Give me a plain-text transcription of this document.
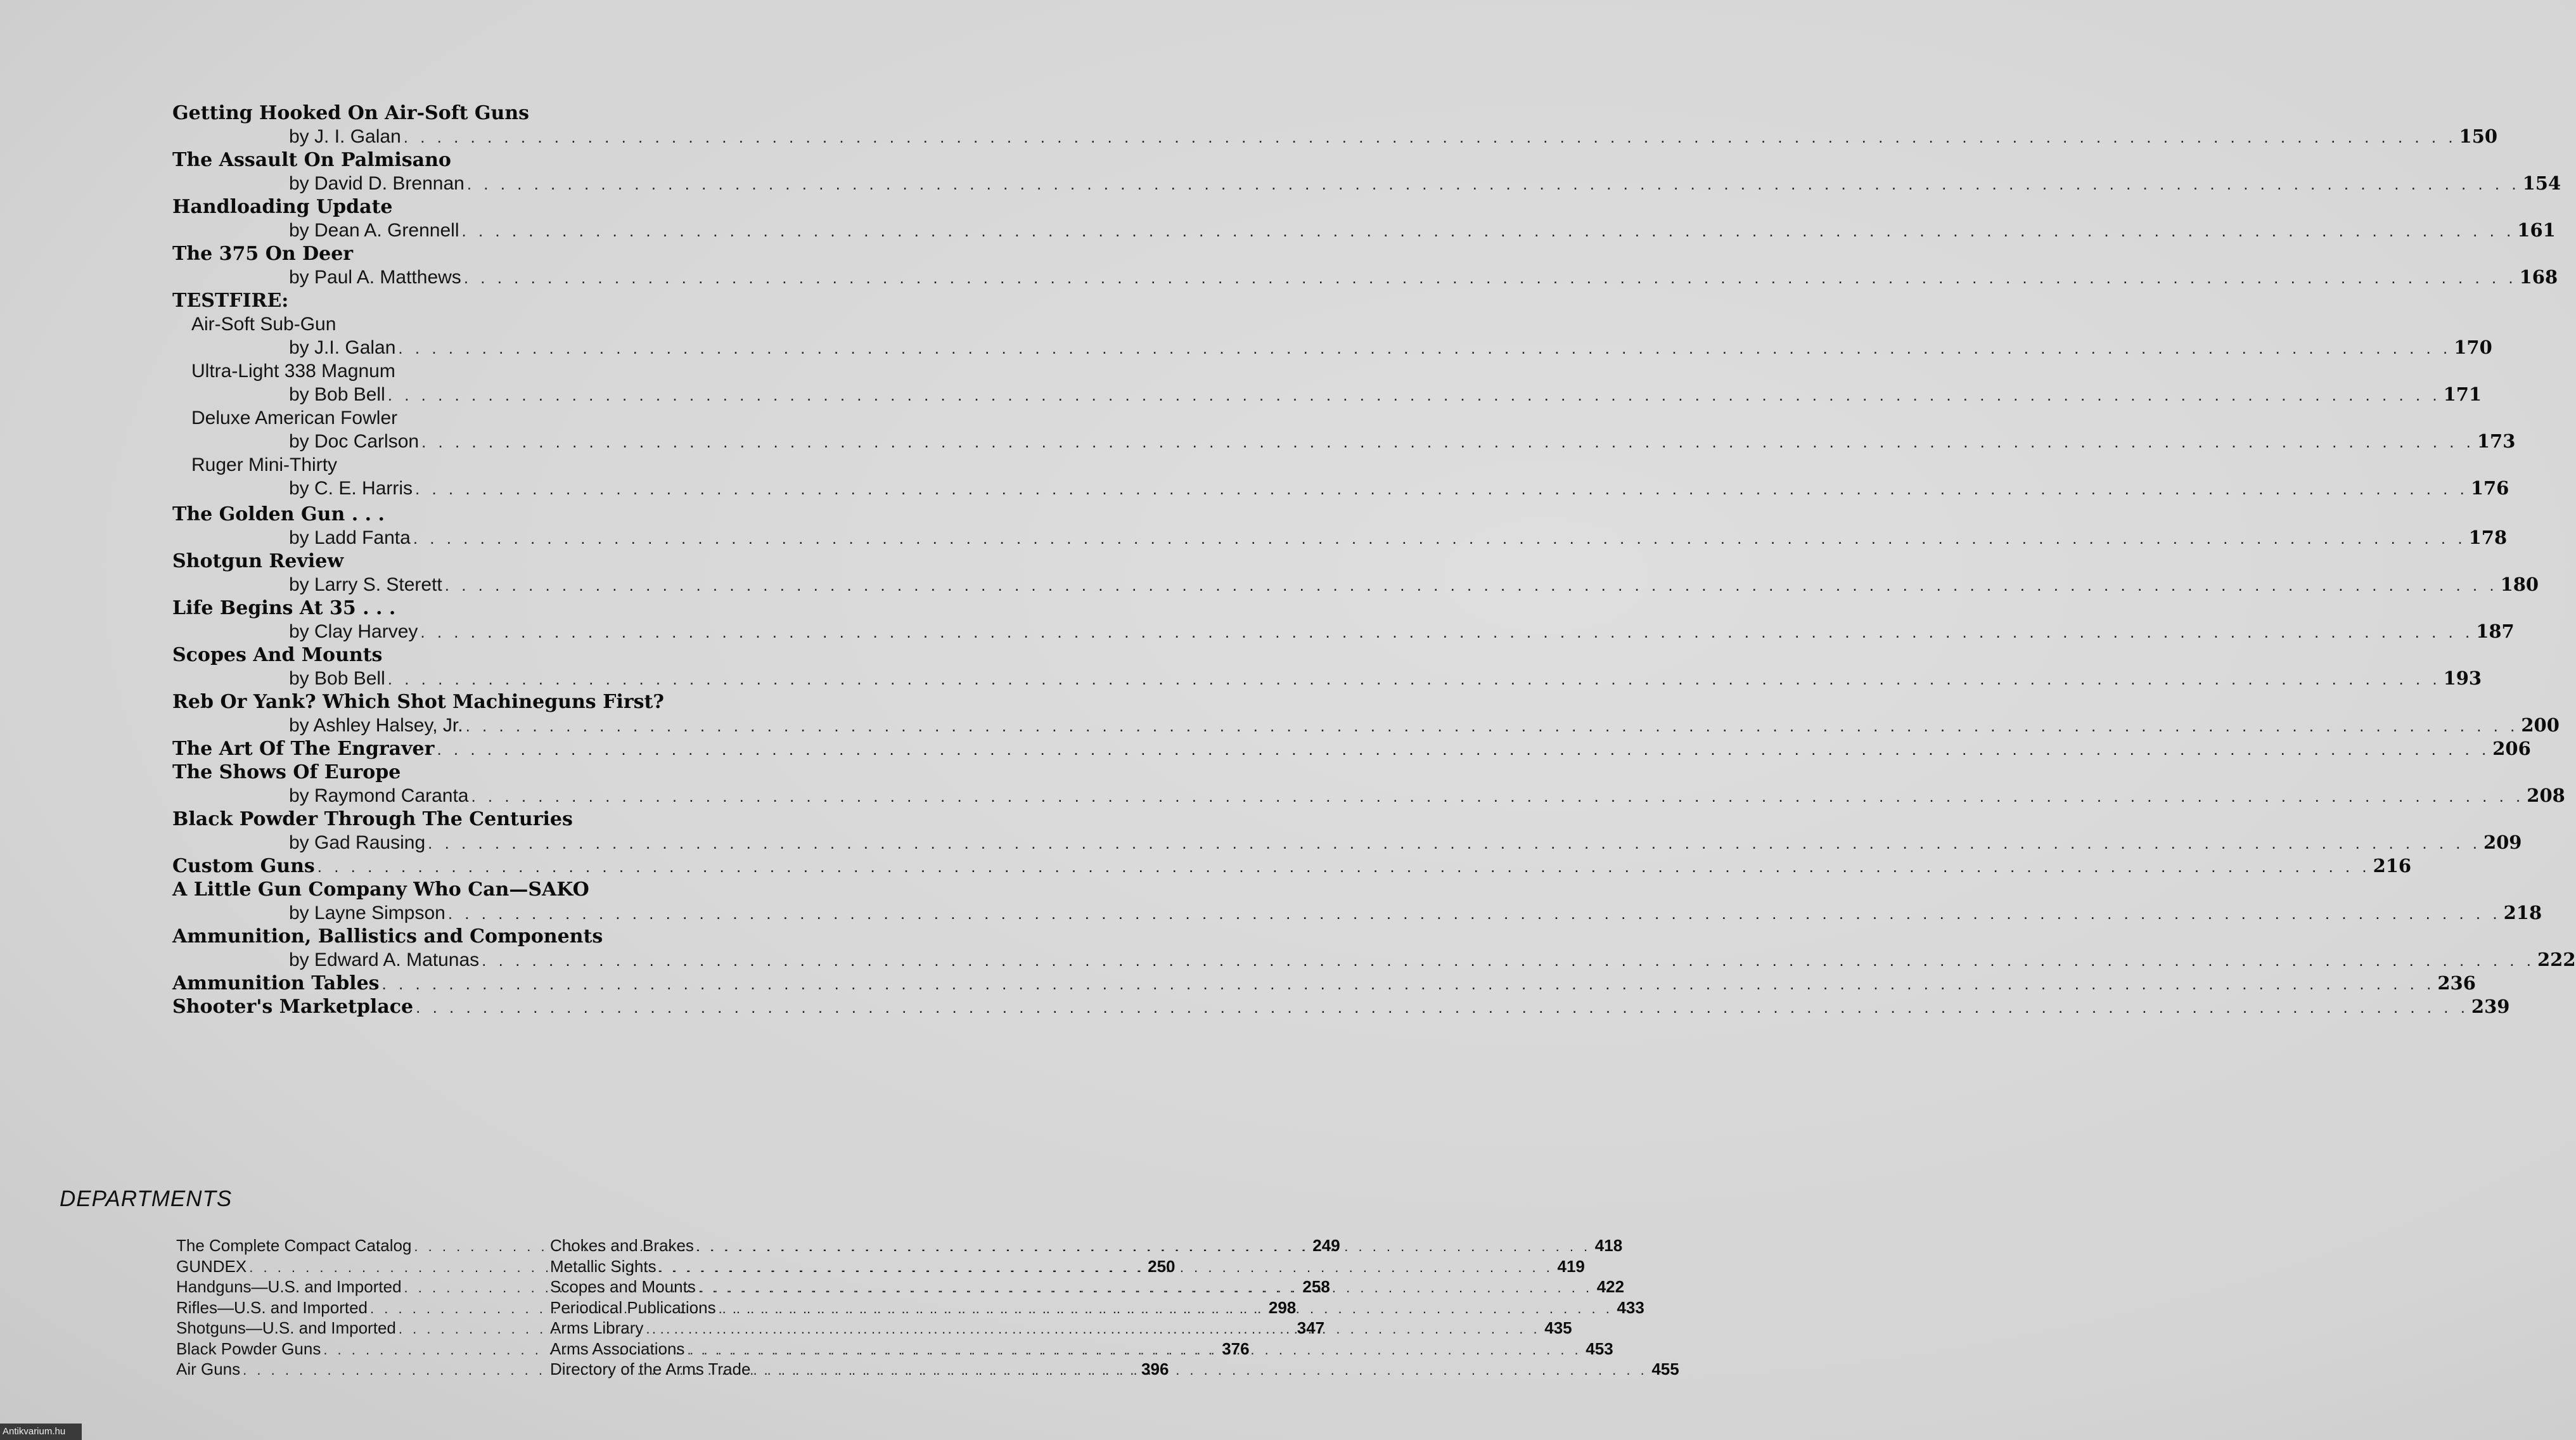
Getting Hooked On Air-Soft Guns
by J. I. Galan . . .	150
The Assault On Palmisano
by David D. Brennan . . .	154
Handloading Update
by Dean A. Grennell . . .	161
The 375 On Deer
by Paul A. Matthews . . .	168
TESTFIRE:
Air-Soft Sub-Gun
by J.I. Galan . . .	170
Ultra-Light 338 Magnum
by Bob Bell . . .	171
Deluxe American Fowler
by Doc Carlson . . .	173
Ruger Mini-Thirty
by C. E. Harris . . .	176
The Golden Gun . . .
by Ladd Fanta . . .	178
Shotgun Review
by Larry S. Sterett . . .	180
Life Begins At 35 . . .
by Clay Harvey . . .	187
Scopes And Mounts
by Bob Bell . . .	193
Reb Or Yank? Which Shot Machineguns First?
by Ashley Halsey, Jr. . . .	200
The Art Of The Engraver . . .	206
The Shows Of Europe
by Raymond Caranta . . .	208
Black Powder Through The Centuries
by Gad Rausing . . .	209
Custom Guns . . .	216
A Little Gun Company Who Can—SAKO
by Layne Simpson . . .	218
Ammunition, Ballistics and Components
by Edward A. Matunas . . .	222
Ammunition Tables . . .	236
Shooter's Marketplace . . .	239
DEPARTMENTS
The Complete Compact Catalog . . .	249
GUNDEX . . .	250
Handguns—U.S. and Imported . . .	258
Rifles—U.S. and Imported . . .	298
Shotguns—U.S. and Imported . . .	347
Black Powder Guns . . .	376
Air Guns . . .	396
Chokes and Brakes . . .	418
Metallic Sights . . .	419
Scopes and Mounts . . .	422
Periodical Publications . . .	433
Arms Library . . .	435
Arms Associations . . .	453
Directory of the Arms Trade . . .	455
Antikvarium.hu
